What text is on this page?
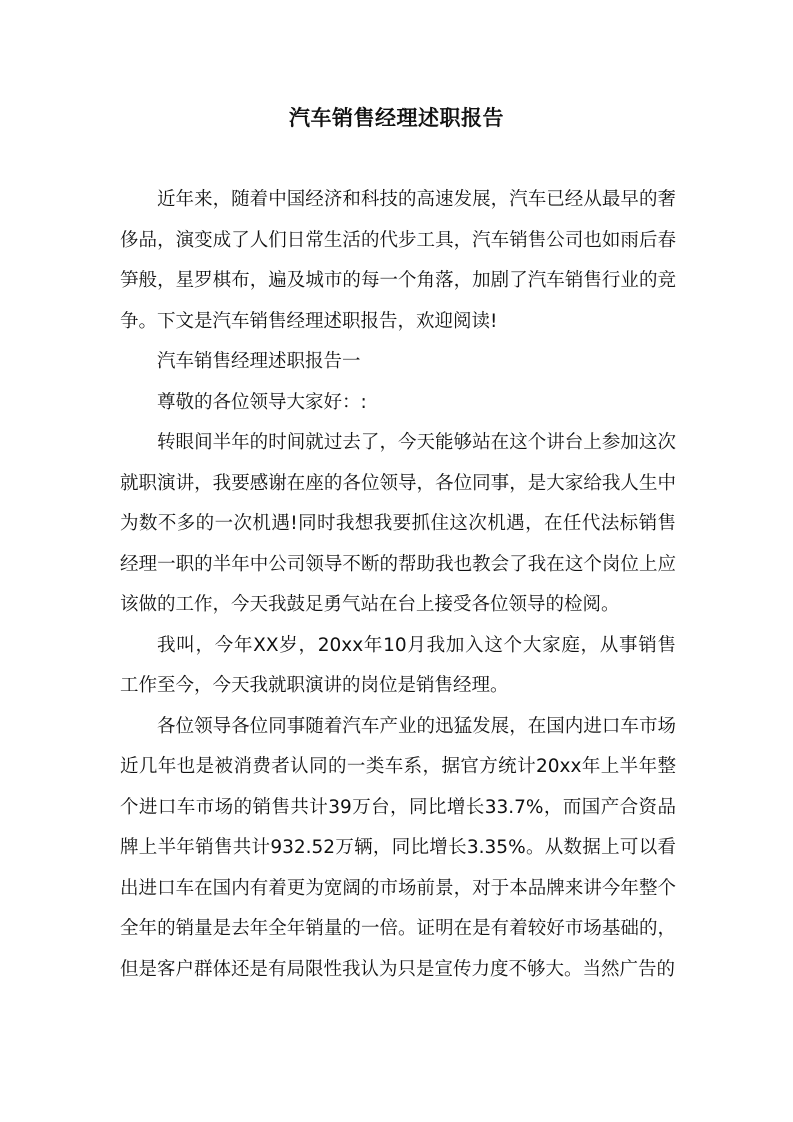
汽车销售经理述职报告

近年来，随着中国经济和科技的高速发展，汽车已经从最早的奢侈品，演变成了人们日常生活的代步工具，汽车销售公司也如雨后春笋般，星罗棋布，遍及城市的每一个角落，加剧了汽车销售行业的竞争。下文是汽车销售经理述职报告，欢迎阅读!

汽车销售经理述职报告一

尊敬的各位领导大家好：:

转眼间半年的时间就过去了，今天能够站在这个讲台上参加这次就职演讲，我要感谢在座的各位领导，各位同事，是大家给我人生中为数不多的一次机遇!同时我想我要抓住这次机遇，在任代法标销售经理一职的半年中公司领导不断的帮助我也教会了我在这个岗位上应该做的工作，今天我鼓足勇气站在台上接受各位领导的检阅。

我叫，今年XX岁，20xx年10月我加入这个大家庭，从事销售工作至今，今天我就职演讲的岗位是销售经理。

各位领导各位同事随着汽车产业的迅猛发展，在国内进口车市场近几年也是被消费者认同的一类车系，据官方统计20xx年上半年整个进口车市场的销售共计39万台，同比增长33.7%，而国产合资品牌上半年销售共计932.52万辆，同比增长3.35%。从数据上可以看出进口车在国内有着更为宽阔的市场前景，对于本品牌来讲今年整个全年的销量是去年全年销量的一倍。证明在是有着较好市场基础的，但是客户群体还是有局限性我认为只是宣传力度不够大。当然广告的
